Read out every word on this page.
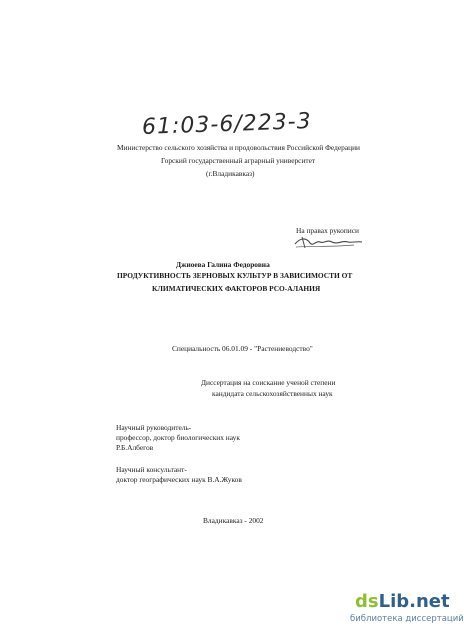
61:03-6/223-3
Министерство сельского хозяйства и продовольствия Российской Федерации
Горский государственный аграрный университет
(г.Владикавказ)
На правах рукописи
Джиоева Галина Федоровна
ПРОДУКТИВНОСТЬ ЗЕРНОВЫХ КУЛЬТУР В ЗАВИСИМОСТИ ОТ
КЛИМАТИЧЕСКИХ ФАКТОРОВ РСО-АЛАНИЯ
Специальность 06.01.09 - "Растениеводство"
Диссертация на соискание ученой степени
кандидата сельскохозяйственных наук
Научный руководитель-
профессор, доктор биологических наук
Р.Б.Албегов
Научный консультант-
доктор географических наук В.А.Жуков
Владикавказ - 2002
dsLib.net
библиотека диссертаций
